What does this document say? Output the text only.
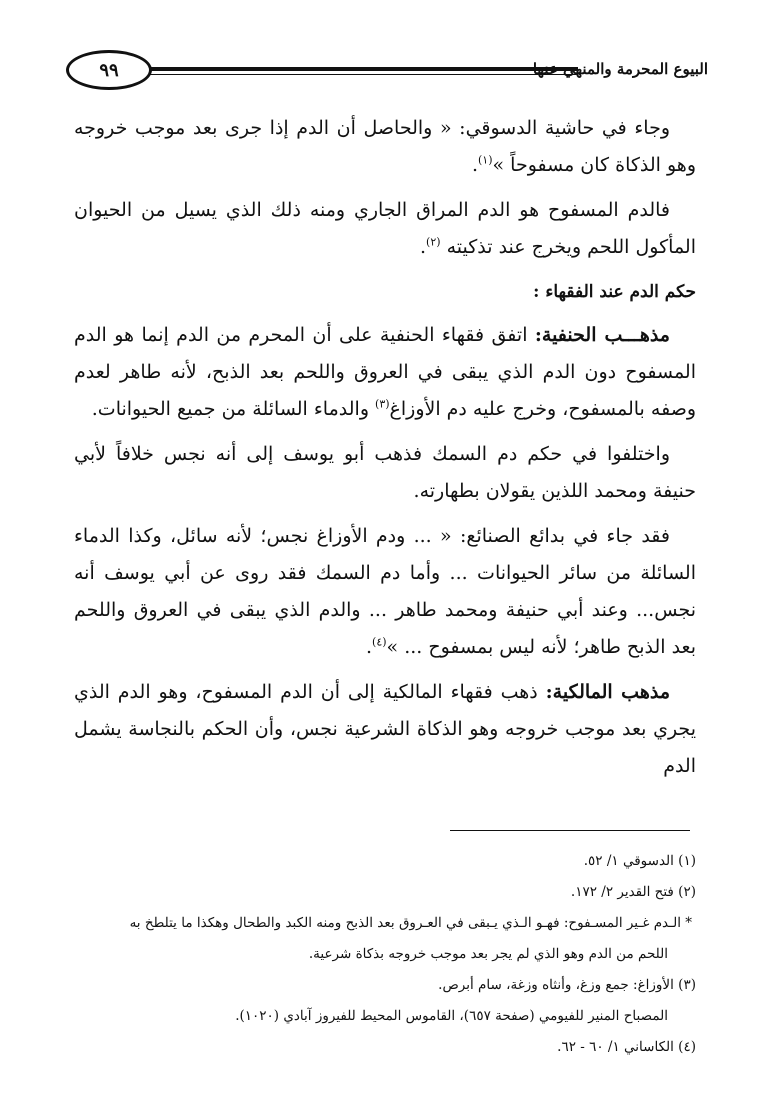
٩٩	البيوع المحرمة والمنهي عنها

وجاء في حاشية الدسوقي: « والحاصل أن الدم إذا جرى بعد موجب خروجه وهو الذكاة كان مسفوحاً »$^{(١)}$.

فالدم المسفوح هو الدم المراق الجاري ومنه ذلك الذي يسيل من الحيوان المأكول اللحم ويخرج عند تذكيته $^{(٢)}$.

حكم الدم عند الفقهاء :

مذهـــب الحنفية: اتفق فقهاء الحنفية على أن المحرم من الدم إنما هو الدم المسفوح دون الدم الذي يبقى في العروق واللحم بعد الذبح، لأنه طاهر لعدم وصفه بالمسفوح، وخرج عليه دم الأوزاغ$^{(٣)}$ والدماء السائلة من جميع الحيوانات.

واختلفوا في حكم دم السمك فذهب أبو يوسف إلى أنه نجس خلافاً لأبي حنيفة ومحمد اللذين يقولان بطهارته.

فقد جاء في بدائع الصنائع: « ... ودم الأوزاغ نجس؛ لأنه سائل، وكذا الدماء السائلة من سائر الحيوانات ... وأما دم السمك فقد روى عن أبي يوسف أنه نجس... وعند أبي حنيفة ومحمد طاهر ... والدم الذي يبقى في العروق واللحم بعد الذبح طاهر؛ لأنه ليس بمسفوح ... »$^{(٤)}$.

مذهب المالكية: ذهب فقهاء المالكية إلى أن الدم المسفوح، وهو الدم الذي يجري بعد موجب خروجه وهو الذكاة الشرعية نجس، وأن الحكم بالنجاسة يشمل الدم

(١) الدسوقي ١/ ٥٢.
(٢) فتح القدير ٢/ ١٧٢.
* الـدم غـير المسـفوح: فهـو الـذي يـبقى في العـروق بعد الذبح ومنه الكبد والطحال وهكذا ما يتلطخ به
اللحم من الدم وهو الذي لم يجر بعد موجب خروجه بذكاة شرعية.
(٣) الأوزاغ: جمع وزغ، وأنثاه وزغة، سام أبرص.
المصباح المنير للفيومي (صفحة ٦٥٧)، القاموس المحيط للفيروز آبادي (١٠٢٠).
(٤) الكاساني ١/ ٦٠ - ٦٢.
